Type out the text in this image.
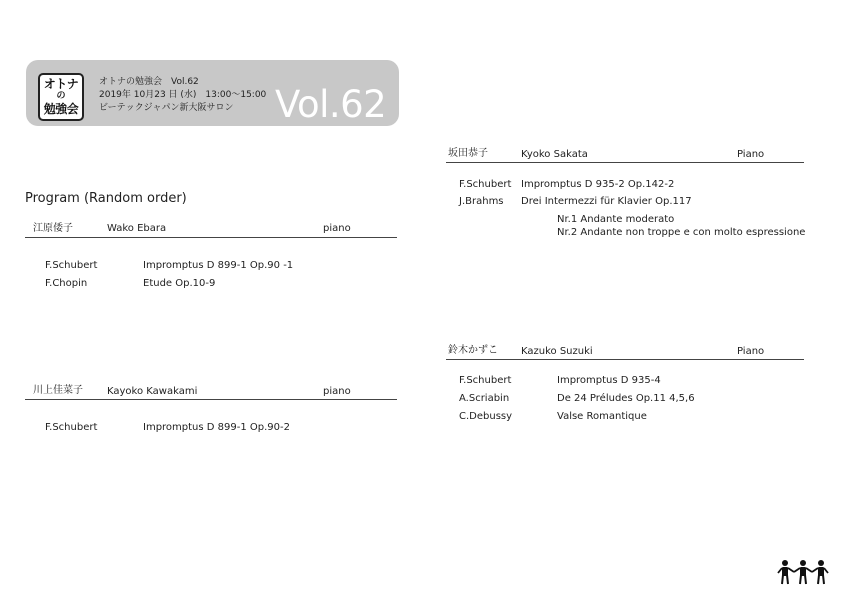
オトナ
の
勉強会
オトナの勉強会　Vol.62
2019年 10月23 日 (水)　13:00～15:00
ビーテックジャパン新大阪サロン Vol.62
Program (Random order)
江原倭子	Wako Ebara	piano
F.Schubert	Impromptus D 899-1 Op.90 -1
F.Chopin	Etude Op.10-9
川上佳菜子 Kayoko Kawakami	piano
F.Schubert	Impromptus D 899-1 Op.90-2
坂田恭子	Kyoko Sakata	Piano
F.Schubert Impromptus D 935-2 Op.142-2
J.Brahms Drei Intermezzi für Klavier Op.117
Nr.1 Andante moderato
Nr.2 Andante non troppe e con molto espressione
鈴木かずこ Kazuko Suzuki	Piano
F.Schubert	Impromptus D 935-4
A.Scriabin	De 24 Préludes Op.11 4,5,6
C.Debussy	Valse Romantique
